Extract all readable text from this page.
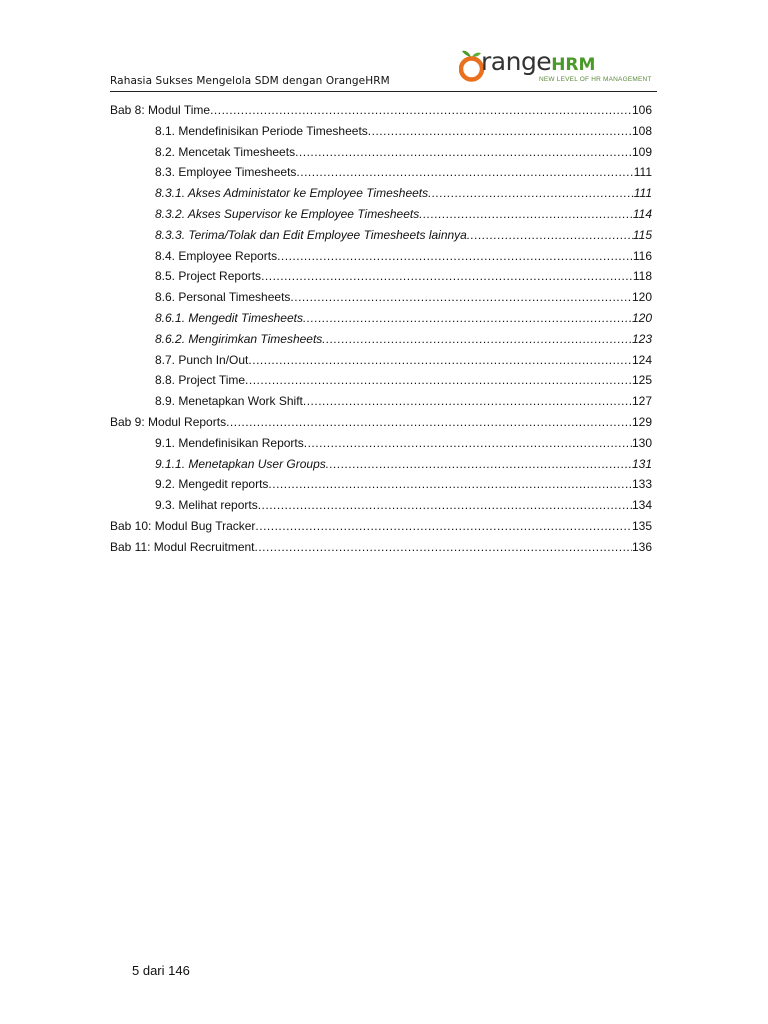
Rahasia Sukses Mengelola SDM dengan OrangeHRM
rangeHRM
NEW LEVEL OF HR MANAGEMENT
Bab 8: Modul Time .....	106
8.1. Mendefinisikan Periode Timesheets .....	108
8.2. Mencetak Timesheets .....	109
8.3. Employee Timesheets .....	111
8.3.1. Akses Administator ke Employee Timesheets .....	111
8.3.2. Akses Supervisor ke Employee Timesheets .....	114
8.3.3. Terima/Tolak dan Edit Employee Timesheets lainnya .....	115
8.4. Employee Reports .....	116
8.5. Project Reports .....	118
8.6. Personal Timesheets .....	120
8.6.1. Mengedit Timesheets .....	120
8.6.2. Mengirimkan Timesheets .....	123
8.7. Punch In/Out .....	124
8.8. Project Time .....	125
8.9. Menetapkan Work Shift .....	127
Bab 9: Modul Reports .....	129
9.1. Mendefinisikan Reports .....	130
9.1.1. Menetapkan User Groups .....	131
9.2. Mengedit reports .....	133
9.3. Melihat reports .....	134
Bab 10: Modul Bug Tracker .....	135
Bab 11: Modul Recruitment .....	136
5 dari 146
